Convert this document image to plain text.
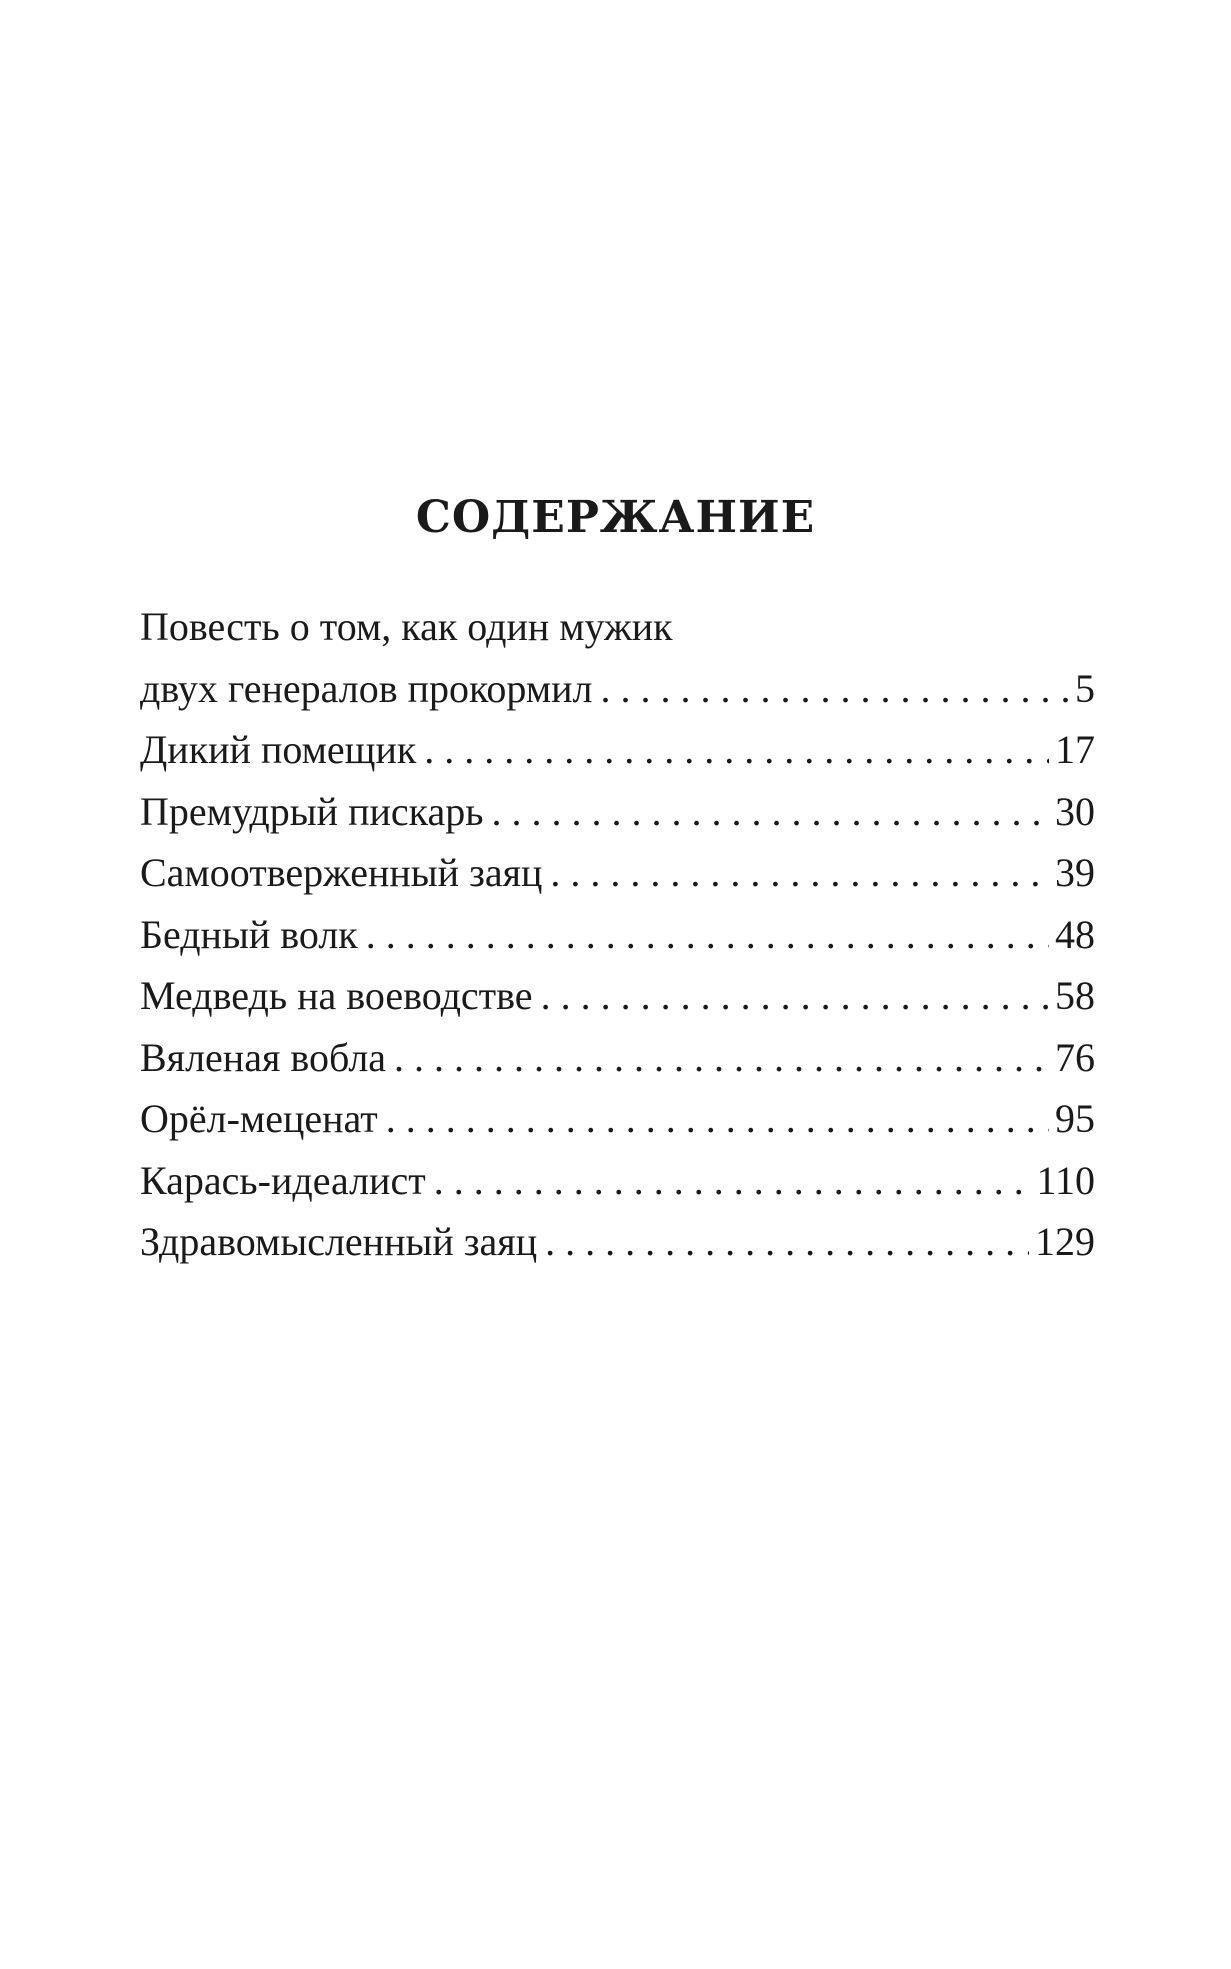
СОДЕРЖАНИЕ
Повесть о том, как один мужик
двух генералов прокормил . . .	5
Дикий помещик . . .	17
Премудрый пискарь . . .	30
Самоотверженный заяц . . .	39
Бедный волк . . .	48
Медведь на воеводстве . . .	58
Вяленая вобла . . .	76
Орёл-меценат . . .	95
Карась-идеалист . . .	110
Здравомысленный заяц . . .	129
